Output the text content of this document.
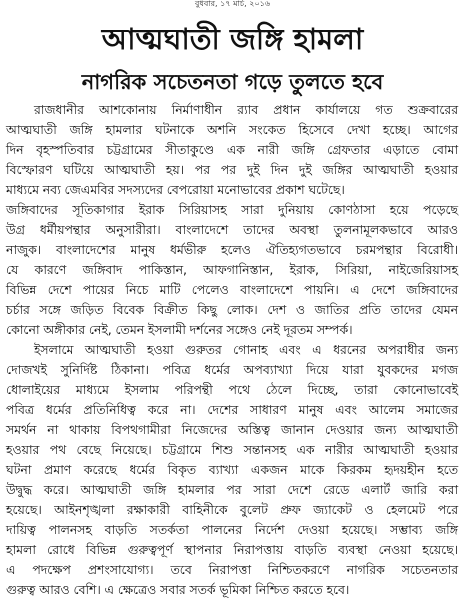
বুধবার, ১৭ মার্চ, ২০১৬
আত্মঘাতী জঙ্গি হামলা
নাগরিক সচেতনতা গড়ে তুলতে হবে
রাজধানীর আশকোনায় নির্মাণাধীন র‌্যাব প্রধান কার্যালয়ে গত শুক্রবারের
আত্মঘাতী জঙ্গি হামলার ঘটনাকে অশনি সংকেত হিসেবে দেখা হচ্ছে। আগের
দিন বৃহস্পতিবার চট্টগ্রামের সীতাকুণ্ডে এক নারী জঙ্গি গ্রেফতার এড়াতে বোমা
বিস্ফোরণ ঘটিয়ে আত্মঘাতী হয়। পর পর দুই দিন দুই জঙ্গির আত্মঘাতী হওয়ার
মাধ্যমে নব্য জেএমবির সদস্যদের বেপরোয়া মনোভাবের প্রকাশ ঘটেছে।
জঙ্গিবাদের সূতিকাগার ইরাক সিরিয়াসহ সারা দুনিয়ায় কোণঠাসা হয়ে পড়েছে
উগ্র ধর্মীয়পন্থার অনুসারীরা। বাংলাদেশে তাদের অবস্থা তুলনামূলকভাবে আরও
নাজুক। বাংলাদেশের মানুষ ধর্মভীরু হলেও ঐতিহ্যগতভাবে চরমপন্থার বিরোধী।
যে কারণে জঙ্গিবাদ পাকিস্তান, আফগানিস্তান, ইরাক, সিরিয়া, নাইজেরিয়াসহ
বিভিন্ন দেশে পায়ের নিচে মাটি পেলেও বাংলাদেশে পায়নি। এ দেশে জঙ্গিবাদের
চর্চার সঙ্গে জড়িত বিবেক বিক্রীত কিছু লোক। দেশ ও জাতির প্রতি তাদের যেমন
কোনো অঙ্গীকার নেই, তেমন ইসলামী দর্শনের সঙ্গেও নেই দূরতম সম্পর্ক।
ইসলামে আত্মঘাতী হওয়া গুরুতর গোনাহ এবং এ ধরনের অপরাধীর জন্য
দোজখই সুনির্দিষ্ট ঠিকানা। পবিত্র ধর্মের অপব্যাখ্যা দিয়ে যারা যুবকদের মগজ
ধোলাইয়ের মাধ্যমে ইসলাম পরিপন্থী পথে ঠেলে দিচ্ছে, তারা কোনোভাবেই
পবিত্র ধর্মের প্রতিনিধিত্ব করে না। দেশের সাধারণ মানুষ এবং আলেম সমাজের
সমর্থন না থাকায় বিপথগামীরা নিজেদের অস্তিত্ব জানান দেওয়ার জন্য আত্মঘাতী
হওয়ার পথ বেছে নিয়েছে। চট্টগ্রামে শিশু সন্তানসহ এক নারীর আত্মঘাতী হওয়ার
ঘটনা প্রমাণ করেছে ধর্মের বিকৃত ব্যাখ্যা একজন মাকে কিরকম হৃদয়হীন হতে
উদ্বুদ্ধ করে। আত্মঘাতী জঙ্গি হামলার পর সারা দেশে রেডে এলার্ট জারি করা
হয়েছে। আইনশৃঙ্খলা রক্ষাকারী বাহিনীকে বুলেট প্রুফ জ্যাকেট ও হেলমেট পরে
দায়িত্ব পালনসহ বাড়তি সতর্কতা পালনের নির্দেশ দেওয়া হয়েছে। সম্ভাব্য জঙ্গি
হামলা রোধে বিভিন্ন গুরুত্বপূর্ণ স্থাপনার নিরাপত্তায় বাড়তি ব্যবস্থা নেওয়া হয়েছে।
এ পদক্ষেপ প্রশংসাযোগ্য। তবে নিরাপত্তা নিশ্চিতকরণে নাগরিক সচেতনতার
গুরুত্ব আরও বেশি। এ ক্ষেত্রেও সবার সতর্ক ভূমিকা নিশ্চিত করতে হবে।
